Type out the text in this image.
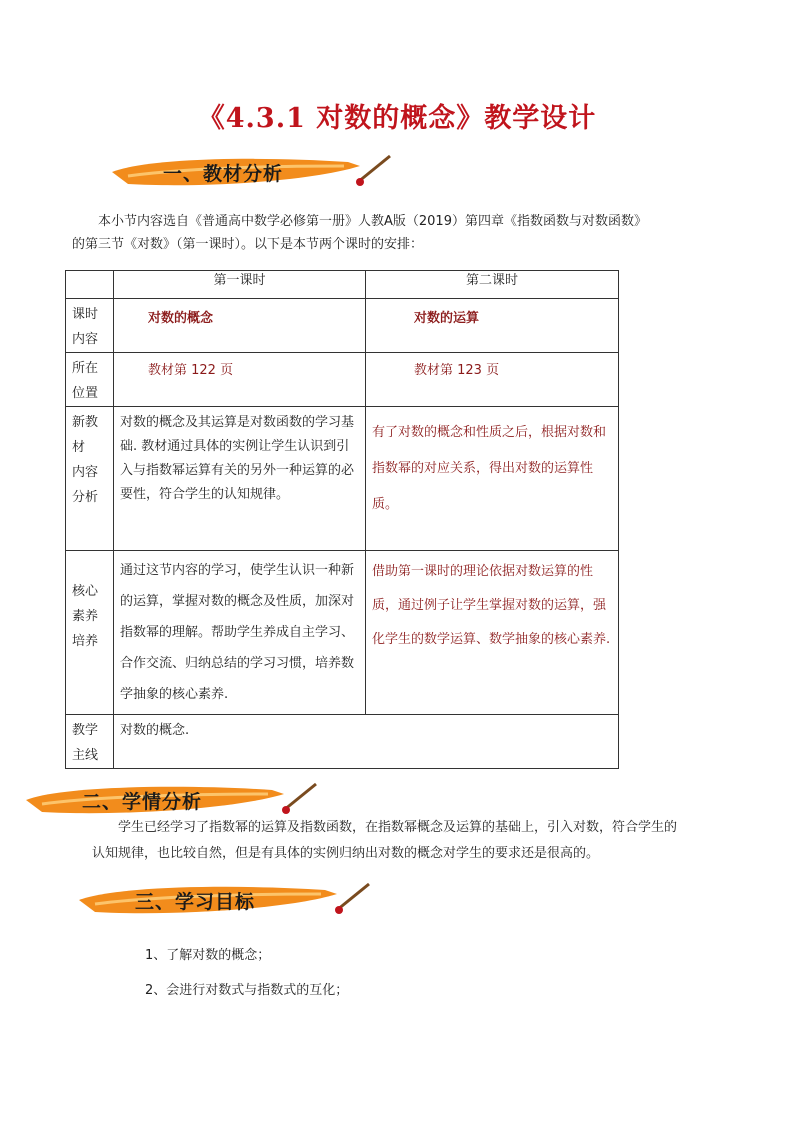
《4.3.1 对数的概念》教学设计
一、教材分析
本小节内容选自《普通高中数学必修第一册》人教A版（2019）第四章《指数函数与对数函数》
的第三节《对数》（第一课时）。以下是本节两个课时的安排：
	第一课时	第二课时

课时
内容	对数的概念	对数的运算

所在
位置	教材第 122 页	教材第 123 页

新教
材
内容
分析	对数的概念及其运算是对数函数的学习基础. 教材通过具体的实例让学生认识到引入与指数幂运算有关的另外一种运算的必要性，符合学生的认知规律。	有了对数的概念和性质之后，根据对数和指数幂的对应关系，得出对数的运算性质。

核心
素养
培养	通过这节内容的学习，使学生认识一种新的运算，掌握对数的概念及性质，加深对指数幂的理解。帮助学生养成自主学习、合作交流、归纳总结的学习习惯，培养数学抽象的核心素养.	借助第一课时的理论依据对数运算的性质，通过例子让学生掌握对数的运算，强化学生的数学运算、数学抽象的核心素养.

教学
主线	对数的概念.	
二、学情分析
学生已经学习了指数幂的运算及指数函数，在指数幂概念及运算的基础上，引入对数，符合学生的
认知规律，也比较自然，但是有具体的实例归纳出对数的概念对学生的要求还是很高的。
三、学习目标
1、了解对数的概念；
2、会进行对数式与指数式的互化；
